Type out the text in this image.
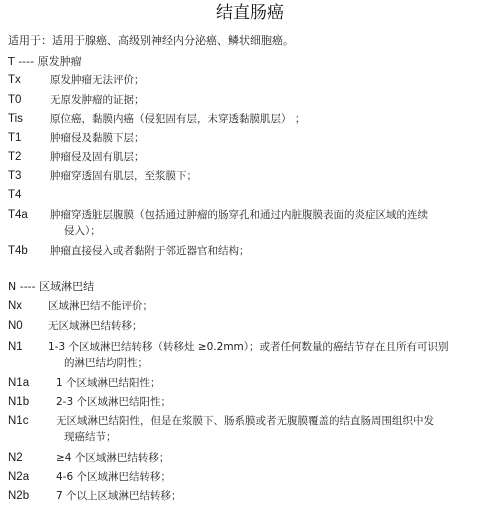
结直肠癌
适用于：适用于腺癌、高级别神经内分泌癌、鳞状细胞癌。
T ---- 原发肿瘤
Tx	原发肿瘤无法评价；
T0	无原发肿瘤的证据；
Tis	原位癌，黏膜内癌（侵犯固有层，未穿透黏膜肌层） ；
T1	肿瘤侵及黏膜下层；
T2	肿瘤侵及固有肌层；
T3	肿瘤穿透固有肌层，至浆膜下；
T4
T4a 肿瘤穿透脏层腹膜（包括通过肿瘤的肠穿孔和通过内脏腹膜表面的炎症区域的连续
侵入）；
T4b 肿瘤直接侵入或者黏附于邻近器官和结构；
N ---- 区域淋巴结
Nx 区域淋巴结不能评价；
N0 无区域淋巴结转移；
N1 1-3 个区域淋巴结转移（转移灶 ≥0.2mm）；或者任何数量的癌结节存在且所有可识别
的淋巴结均阴性；
N1a	1 个区域淋巴结阳性；
N1b	2-3 个区域淋巴结阳性；
N1c	无区域淋巴结阳性，但是在浆膜下、肠系膜或者无腹膜覆盖的结直肠周围组织中发
现癌结节；
N2	≥4 个区域淋巴结转移；
N2a	4-6 个区域淋巴结转移；
N2b	7 个以上区域淋巴结转移；
